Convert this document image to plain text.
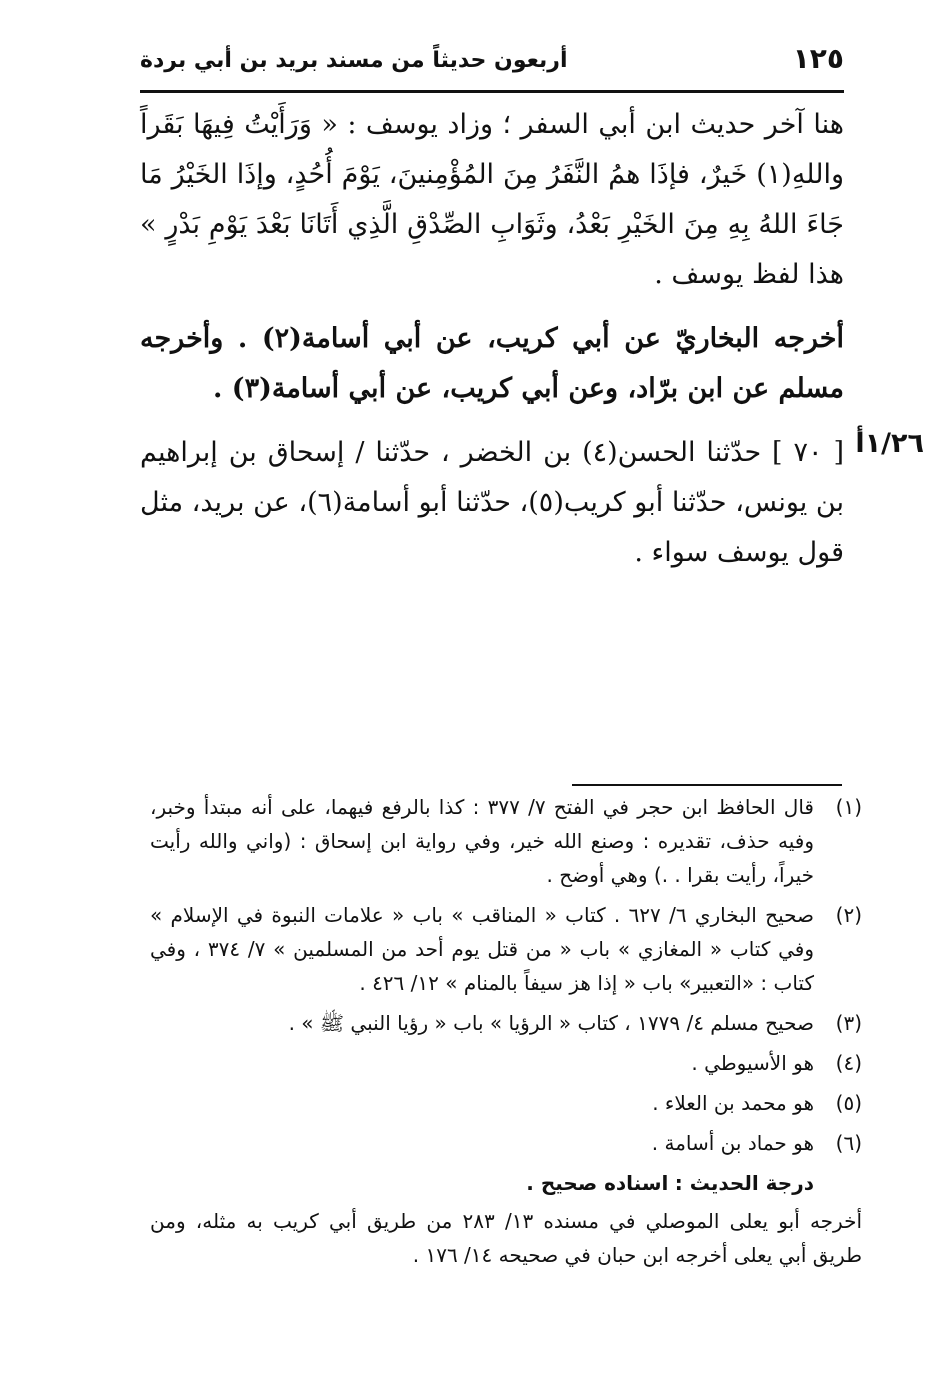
١٢٥
أربعون حديثاً من مسند بريد بن أبي بردة

هنا آخر حديث ابن أبي السفر ؛ وزاد يوسف : « وَرَأَيْتُ فِيهَا بَقَراً واللهِ(١) خَيرٌ، فإذَا همُ النَّفَرُ مِنَ المُؤْمِنينَ، يَوْمَ أُحُدٍ، وإذَا الخَيْرُ مَا جَاءَ اللهُ بِهِ مِنَ الخَيْرِ بَعْدُ، وثَوَابِ الصِّدْقِ الَّذِي أَتَانَا بَعْدَ يَوْمِ بَدْرٍ » هذا لفظ يوسف .

أخرجه البخاريّ عن أبي كريب، عن أبي أسامة(٢) . وأخرجه مسلم عن ابن برّاد، وعن أبي كريب، عن أبي أسامة(٣) .

١/٢٦أ

[ ٧٠ ] حدّثنا الحسن(٤) بن الخضر ، حدّثنا / إسحاق بن إبراهيم بن يونس، حدّثنا أبو كريب(٥)، حدّثنا أبو أسامة(٦)، عن بريد، مثل قول يوسف سواء .

(١)
قال الحافظ ابن حجر في الفتح ٧/ ٣٧٧ : كذا بالرفع فيهما، على أنه مبتدأ وخبر، وفيه حذف، تقديره : وصنع الله خير، وفي رواية ابن إسحاق : (واني والله رأيت خيراً، رأيت بقرا . .) وهي أوضح .
(٢)
صحيح البخاري ٦/ ٦٢٧ . كتاب « المناقب » باب « علامات النبوة في الإسلام » وفي كتاب « المغازي » باب « من قتل يوم أحد من المسلمين » ٧/ ٣٧٤ ، وفي كتاب : «التعبير» باب « إذا هز سيفاً بالمنام » ١٢/ ٤٢٦ .
(٣)
صحيح مسلم ٤/ ١٧٧٩ ، كتاب « الرؤيا » باب « رؤيا النبي ﷺ » .
(٤)
هو الأسيوطي .
(٥)
هو محمد بن العلاء .
(٦)
هو حماد بن أسامة .
درجة الحديث : اسناده صحيح .
أخرجه أبو يعلى الموصلي في مسنده ١٣/ ٢٨٣ من طريق أبي كريب به مثله، ومن طريق أبي يعلى أخرجه ابن حبان في صحيحه ١٤/ ١٧٦ .
